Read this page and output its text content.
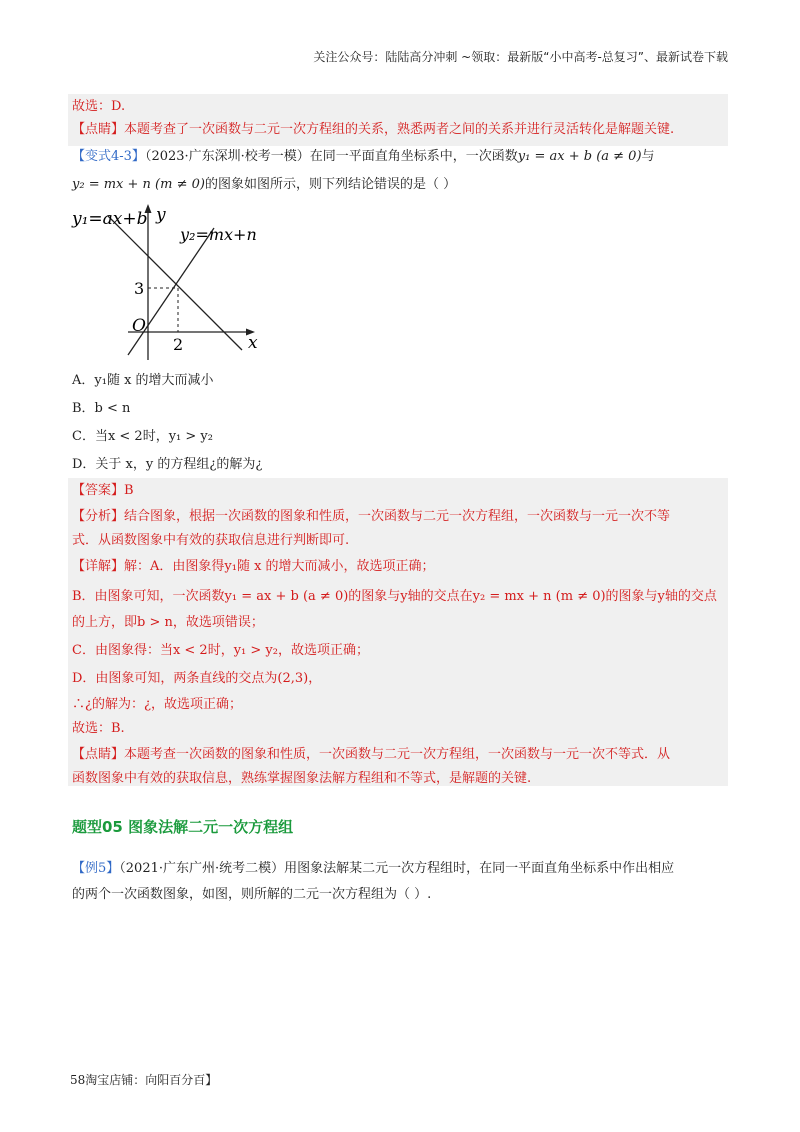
关注公众号：陆陆高分冲刺 ~领取：最新版“小中高考-总复习”、最新试卷下载
故选：D.
【点睛】本题考查了一次函数与二元一次方程组的关系，熟悉两者之间的关系并进行灵活转化是解题关键.
【变式4-3】（2023·广东深圳·校考一模）在同一平面直角坐标系中，一次函数y₁ = ax + b (a ≠ 0)与
y₂ = mx + n (m ≠ 0)的图象如图所示，则下列结论错误的是（ ）
y₁=ax+b
y₂=mx+n
y
x
O
3
2
A．y₁随 x 的增大而减小
B．b < n
C．当x < 2时，y₁ > y₂
D．关于 x，y 的方程组¿的解为¿
【答案】B
【分析】结合图象，根据一次函数的图象和性质，一次函数与二元一次方程组，一次函数与一元一次不等
式．从函数图象中有效的获取信息进行判断即可.
【详解】解：A．由图象得y₁随 x 的增大而减小，故选项正确；
B．由图象可知，一次函数y₁ = ax + b (a ≠ 0)的图象与y轴的交点在y₂ = mx + n (m ≠ 0)的图象与y轴的交点
的上方，即b > n，故选项错误；
C．由图象得：当x < 2时，y₁ > y₂，故选项正确；
D．由图象可知，两条直线的交点为(2,3)，
∴¿的解为：¿，故选项正确；
故选：B.
【点睛】本题考查一次函数的图象和性质，一次函数与二元一次方程组，一次函数与一元一次不等式．从
函数图象中有效的获取信息，熟练掌握图象法解方程组和不等式，是解题的关键.
题型05 图象法解二元一次方程组
【例5】（2021·广东广州·统考二模）用图象法解某二元一次方程组时，在同一平面直角坐标系中作出相应
的两个一次函数图象，如图，则所解的二元一次方程组为（ ）.
58淘宝店铺：向阳百分百】
